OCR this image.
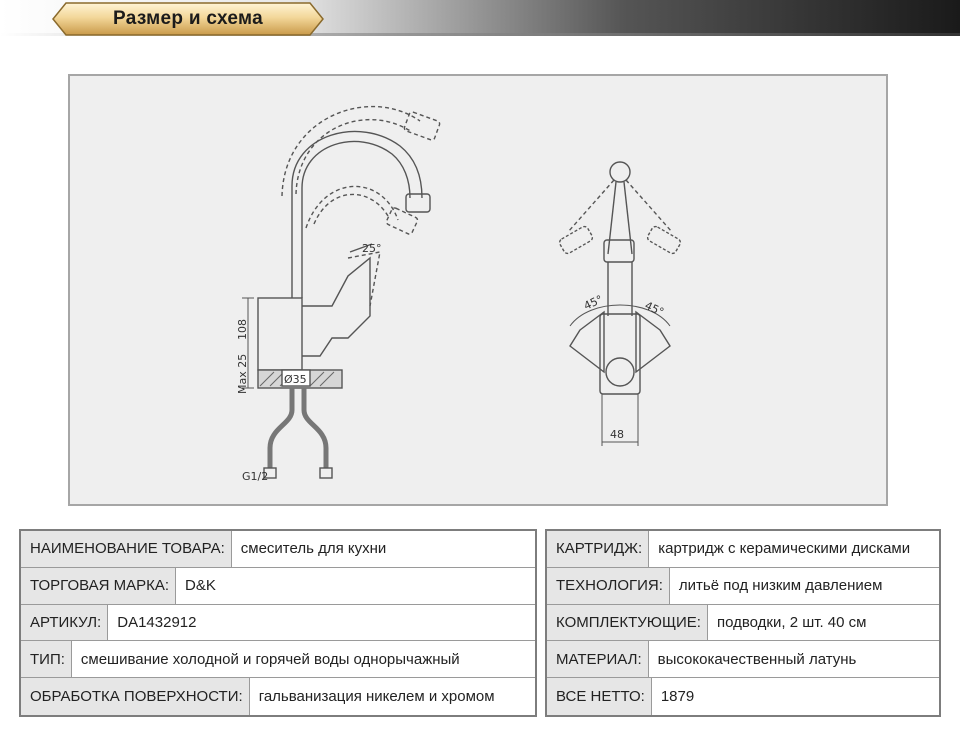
Размер и схема
25°
45°	45°
108
Max 25	Ø35
48
G1/2
НАИМЕНОВАНИЕ ТОВАРА:	смеситель для кухни
ТОРГОВАЯ МАРКА:	D&K
АРТИКУЛ:	DA1432912
ТИП:	смешивание холодной и горячей воды однорычажный
ОБРАБОТКА ПОВЕРХНОСТИ:	гальванизация никелем и хромом
КАРТРИДЖ:	картридж с керамическими дисками
ТЕХНОЛОГИЯ:	литьё под низким давлением
КОМПЛЕКТУЮЩИЕ:	подводки, 2 шт. 40 см
МАТЕРИАЛ:	высококачественный латунь
ВСЕ НЕТТО:	1879
